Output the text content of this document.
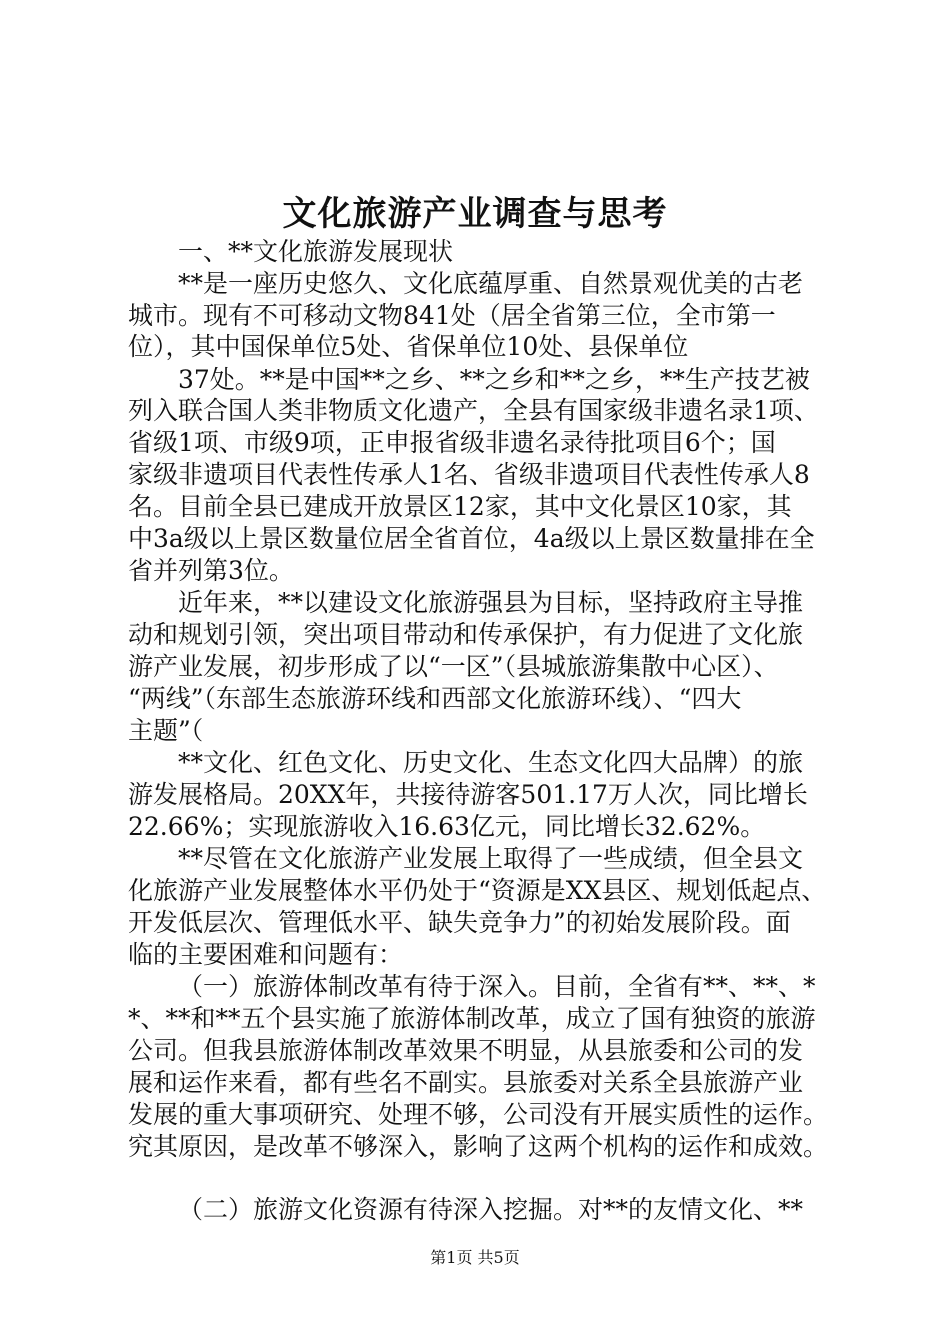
文化旅游产业调查与思考
一、**文化旅游发展现状
**是一座历史悠久、文化底蕴厚重、自然景观优美的古老
城市。现有不可移动文物841处（居全省第三位，全市第一
位），其中国保单位5处、省保单位10处、县保单位
37处。**是中国**之乡、**之乡和**之乡，**生产技艺被
列入联合国人类非物质文化遗产，全县有国家级非遗名录1项、
省级1项、市级9项，正申报省级非遗名录待批项目6个；国
家级非遗项目代表性传承人1名、省级非遗项目代表性传承人8
名。目前全县已建成开放景区12家，其中文化景区10家，其
中3a级以上景区数量位居全省首位，4a级以上景区数量排在全
省并列第3位。
近年来，**以建设文化旅游强县为目标，坚持政府主导推
动和规划引领，突出项目带动和传承保护，有力促进了文化旅
游产业发展，初步形成了以“一区”（县城旅游集散中心区）、
“两线”（东部生态旅游环线和西部文化旅游环线）、“四大
主题”（
**文化、红色文化、历史文化、生态文化四大品牌）的旅
游发展格局。20XX年，共接待游客501.17万人次，同比增长
22.66%；实现旅游收入16.63亿元，同比增长32.62%。
**尽管在文化旅游产业发展上取得了一些成绩，但全县文
化旅游产业发展整体水平仍处于“资源是XX县区、规划低起点、
开发低层次、管理低水平、缺失竞争力”的初始发展阶段。面
临的主要困难和问题有：
（一）旅游体制改革有待于深入。目前，全省有**、**、*
*、**和**五个县实施了旅游体制改革，成立了国有独资的旅游
公司。但我县旅游体制改革效果不明显，从县旅委和公司的发
展和运作来看，都有些名不副实。县旅委对关系全县旅游产业
发展的重大事项研究、处理不够，公司没有开展实质性的运作。
究其原因，是改革不够深入，影响了这两个机构的运作和成效。
（二）旅游文化资源有待深入挖掘。对**的友情文化、**
第1页 共5页
